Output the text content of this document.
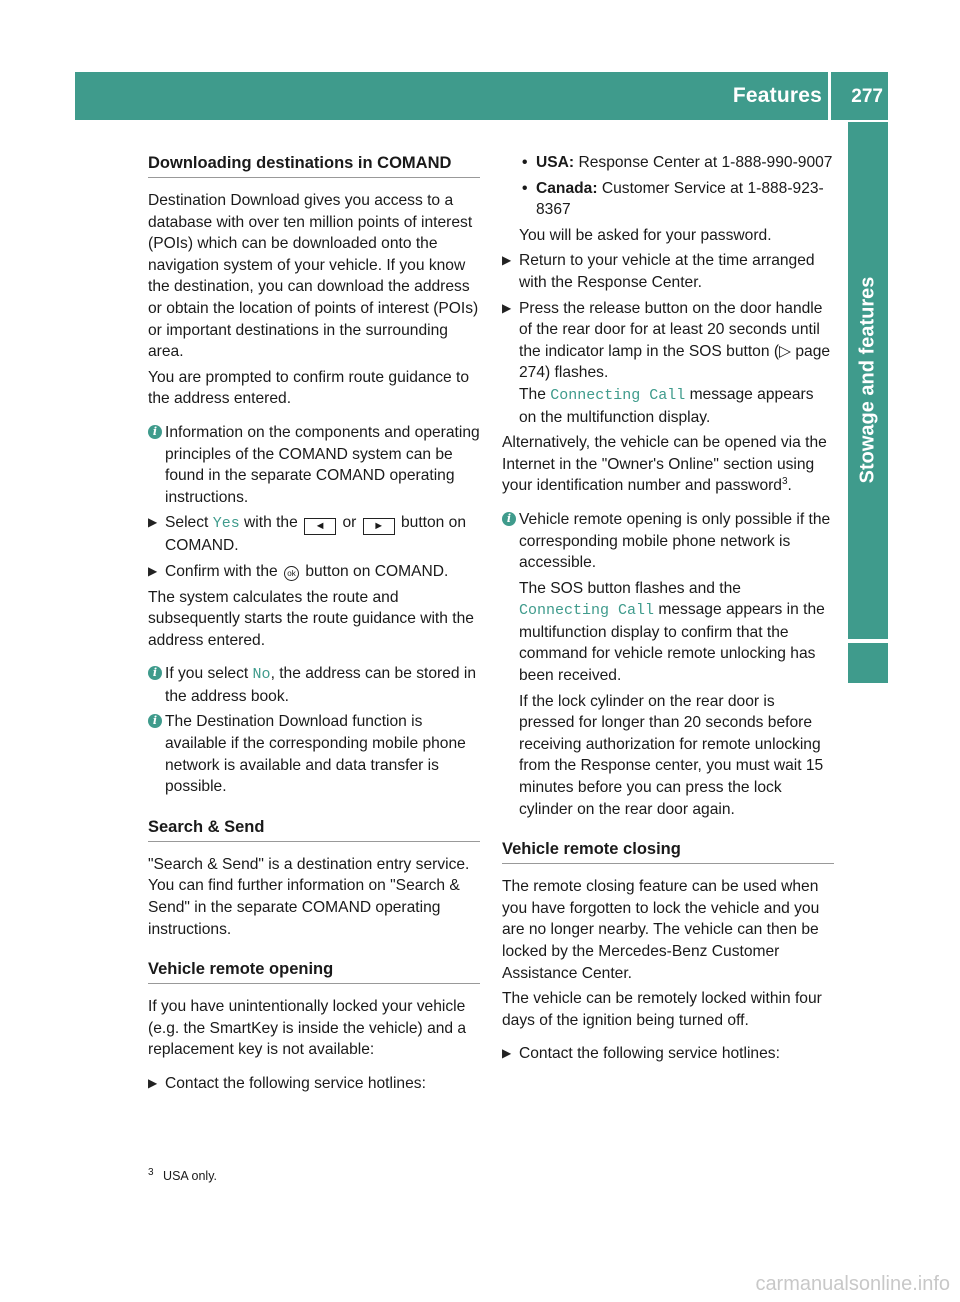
Features 277
Stowage and features
Downloading destinations in COMAND

Destination Download gives you access to a database with over ten million points of interest (POIs) which can be downloaded onto the navigation system of your vehicle. If you know the destination, you can download the address or obtain the location of points of interest (POIs) or important destinations in the surrounding area.

You are prompted to confirm route guidance to the address entered.

i Information on the components and operating principles of the COMAND system can be found in the separate COMAND operating instructions.
▶ Select Yes with the ◄ or ► button on COMAND.
▶ Confirm with the ok button on COMAND.

The system calculates the route and subsequently starts the route guidance with the address entered.

i If you select No, the address can be stored in the address book.
i The Destination Download function is available if the corresponding mobile phone network is available and data transfer is possible.
Search & Send

"Search & Send" is a destination entry service. You can find further information on "Search & Send" in the separate COMAND operating instructions.

Vehicle remote opening

If you have unintentionally locked your vehicle (e.g. the SmartKey is inside the vehicle) and a replacement key is not available:

▶ Contact the following service hotlines:
• USA: Response Center at 1-888-990-9007
• Canada: Customer Service at 1-888-923-8367

You will be asked for your password.

▶ Return to your vehicle at the time arranged with the Response Center.
▶ Press the release button on the door handle of the rear door for at least 20 seconds until the indicator lamp in the SOS button (▷ page 274) flashes.
The Connecting Call message appears on the multifunction display.

Alternatively, the vehicle can be opened via the Internet in the "Owner's Online" section using your identification number and password$^3$.

i Vehicle remote opening is only possible if the corresponding mobile phone network is accessible.

The SOS button flashes and the Connecting Call message appears in the multifunction display to confirm that the command for vehicle remote unlocking has been received.

If the lock cylinder on the rear door is pressed for longer than 20 seconds before receiving authorization for remote unlocking from the Response center, you must wait 15 minutes before you can press the lock cylinder on the rear door again.

Vehicle remote closing

The remote closing feature can be used when you have forgotten to lock the vehicle and you are no longer nearby. The vehicle can then be locked by the Mercedes-Benz Customer Assistance Center.

The vehicle can be remotely locked within four days of the ignition being turned off.

▶ Contact the following service hotlines:
$^3$ USA only.
carmanualsonline.info
